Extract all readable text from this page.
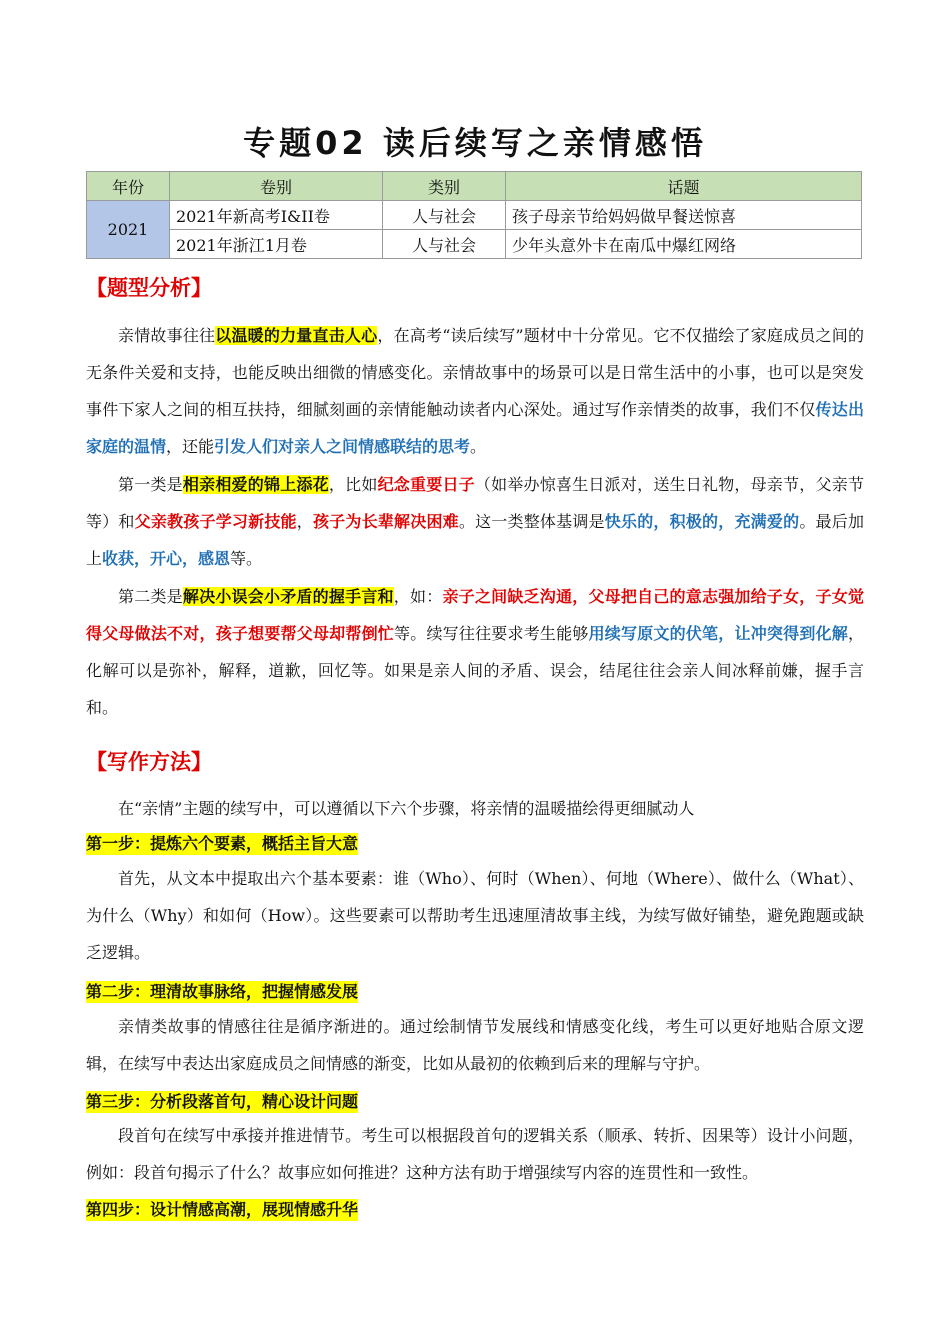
专题02 读后续写之亲情感悟
年份	卷别	类别	话题
2021	2021年新高考I&II卷	人与社会	孩子母亲节给妈妈做早餐送惊喜
	2021年浙江1月卷	人与社会	少年头意外卡在南瓜中爆红网络
【题型分析】
亲情故事往往以温暖的力量直击人心，在高考“读后续写”题材中十分常见。它不仅描绘了家庭成员之间的无条件关爱和支持，也能反映出细微的情感变化。亲情故事中的场景可以是日常生活中的小事，也可以是突发事件下家人之间的相互扶持，细腻刻画的亲情能触动读者内心深处。通过写作亲情类的故事，我们不仅传达出家庭的温情，还能引发人们对亲人之间情感联结的思考。
第一类是相亲相爱的锦上添花，比如纪念重要日子（如举办惊喜生日派对，送生日礼物，母亲节，父亲节等）和父亲教孩子学习新技能，孩子为长辈解决困难。这一类整体基调是快乐的，积极的，充满爱的。最后加上收获，开心，感恩等。
第二类是解决小误会小矛盾的握手言和，如：亲子之间缺乏沟通，父母把自己的意志强加给子女，子女觉得父母做法不对，孩子想要帮父母却帮倒忙等。续写往往要求考生能够用续写原文的伏笔，让冲突得到化解，化解可以是弥补，解释，道歉，回忆等。如果是亲人间的矛盾、误会，结尾往往会亲人间冰释前嫌，握手言和。
【写作方法】
在“亲情”主题的续写中，可以遵循以下六个步骤，将亲情的温暖描绘得更细腻动人
第一步：提炼六个要素，概括主旨大意
首先，从文本中提取出六个基本要素：谁（Who）、何时（When）、何地（Where）、做什么（What）、为什么（Why）和如何（How）。这些要素可以帮助考生迅速厘清故事主线，为续写做好铺垫，避免跑题或缺乏逻辑。
第二步：理清故事脉络，把握情感发展
亲情类故事的情感往往是循序渐进的。通过绘制情节发展线和情感变化线，考生可以更好地贴合原文逻辑，在续写中表达出家庭成员之间情感的渐变，比如从最初的依赖到后来的理解与守护。
第三步：分析段落首句，精心设计问题
段首句在续写中承接并推进情节。考生可以根据段首句的逻辑关系（顺承、转折、因果等）设计小问题，例如：段首句揭示了什么？故事应如何推进？这种方法有助于增强续写内容的连贯性和一致性。
第四步：设计情感高潮，展现情感升华
